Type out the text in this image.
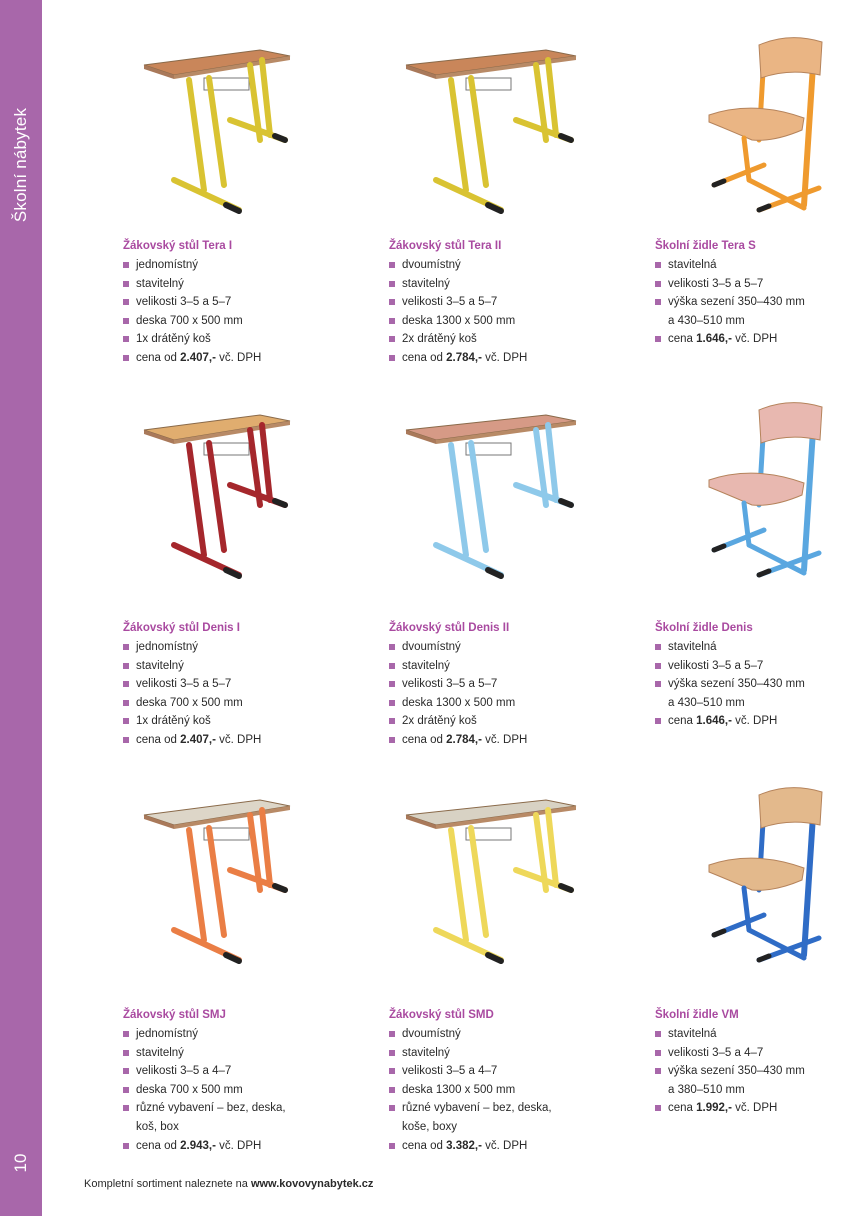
Školní nábytek
10
Žákovský stůl Tera I
jednomístný
stavitelný
velikosti 3–5 a 5–7
deska 700 x 500 mm
1x drátěný koš
cena od 2.407,- vč. DPH
Žákovský stůl Tera II
dvoumístný
stavitelný
velikosti 3–5 a 5–7
deska 1300 x 500 mm
2x drátěný koš
cena od 2.784,- vč. DPH
Školní židle Tera S
stavitelná
velikosti 3–5 a 5–7
výška sezení 350–430 mm
a 430–510 mm
cena 1.646,- vč. DPH
Žákovský stůl Denis I
jednomístný
stavitelný
velikosti 3–5 a 5–7
deska 700 x 500 mm
1x drátěný koš
cena od 2.407,- vč. DPH
Žákovský stůl Denis II
dvoumístný
stavitelný
velikosti 3–5 a 5–7
deska 1300 x 500 mm
2x drátěný koš
cena od 2.784,- vč. DPH
Školní židle Denis
stavitelná
velikosti 3–5 a 5–7
výška sezení 350–430 mm
a 430–510 mm
cena 1.646,- vč. DPH
Žákovský stůl SMJ
jednomístný
stavitelný
velikosti 3–5 a 4–7
deska 700 x 500 mm
různé vybavení – bez, deska,
koš, box
cena od 2.943,- vč. DPH
Žákovský stůl SMD
dvoumístný
stavitelný
velikosti 3–5 a 4–7
deska 1300 x 500 mm
různé vybavení – bez, deska,
koše, boxy
cena od 3.382,- vč. DPH
Školní židle VM
stavitelná
velikosti 3–5 a 4–7
výška sezení 350–430 mm
a 380–510 mm
cena 1.992,- vč. DPH
Kompletní sortiment naleznete na www.kovovynabytek.cz
